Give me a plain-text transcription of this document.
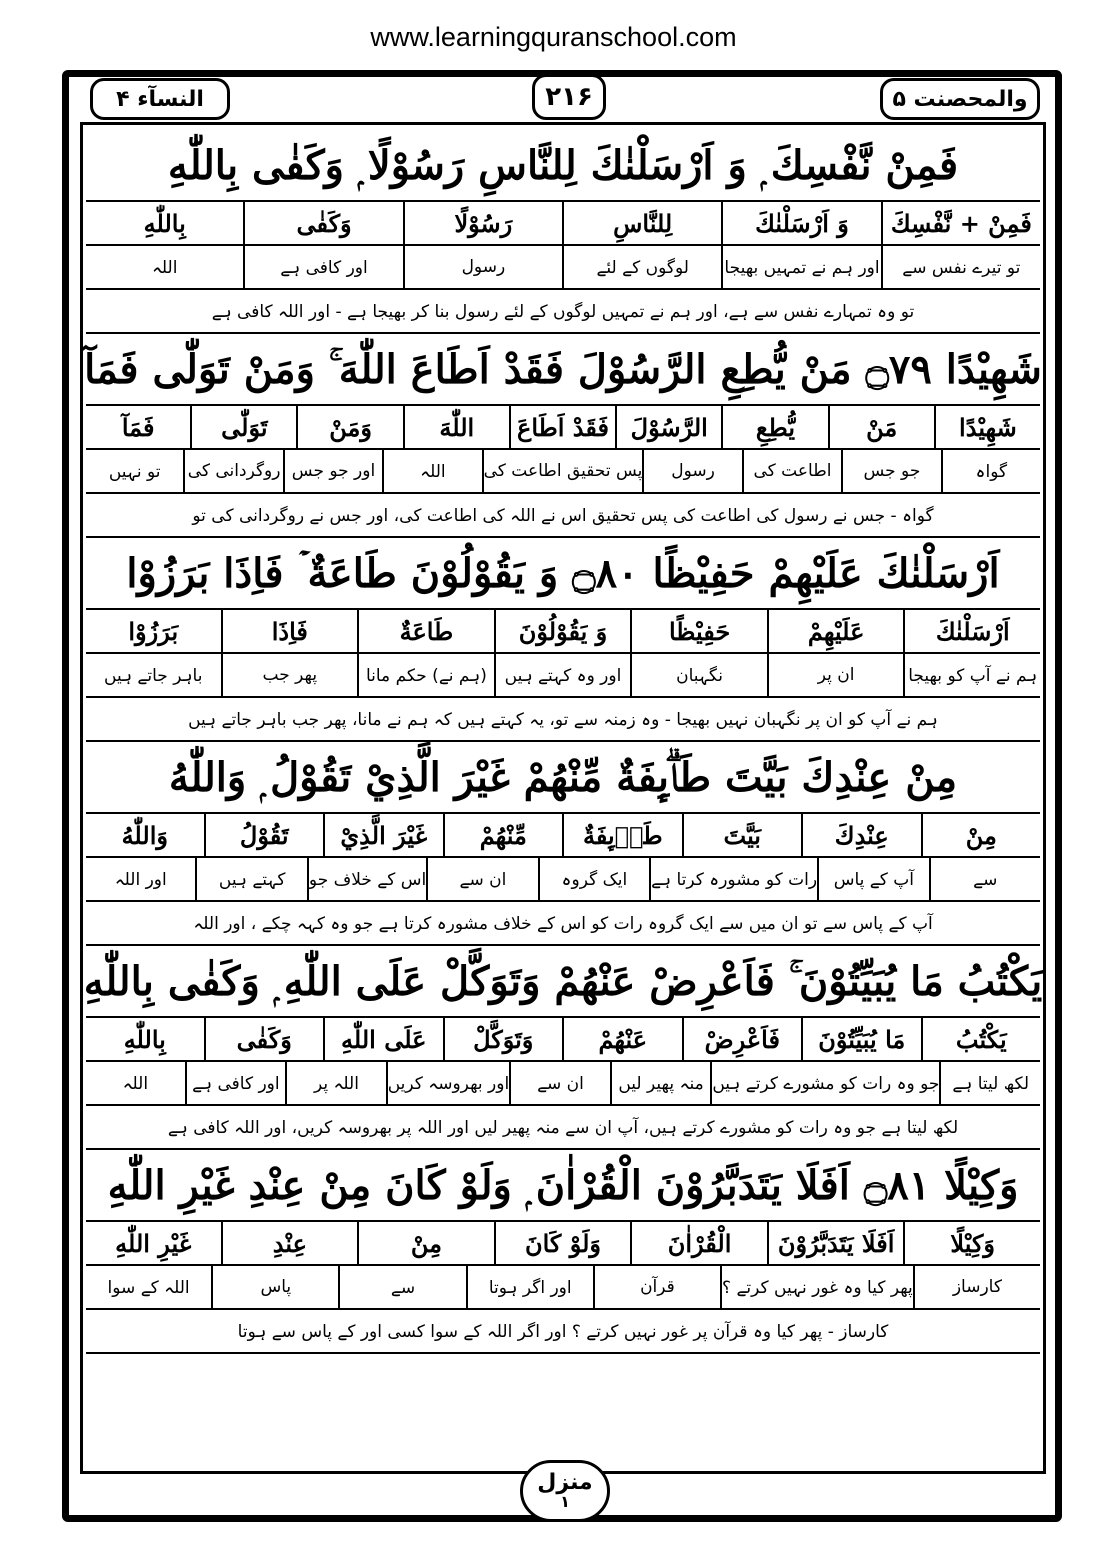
www.learningquranschool.com
النسآء ۴	۲۱۶	والمحصنت ۵
فَمِنْ نَّفْسِكَ ۭ وَ اَرْسَلْنٰكَ لِلنَّاسِ رَسُوْلًا ۭ وَكَفٰى بِاللّٰهِ
فَمِنْ + نَّفْسِكَ
وَ اَرْسَلْنٰكَ
لِلنَّاسِ
رَسُوْلًا
وَكَفٰى
بِاللّٰهِ
تو تیرے نفس سے
اور ہم نے تمہیں بھیجا
لوگوں کے لئے
رسول
اور کافی ہے
اللہ
تو وہ تمہارے نفس سے ہے، اور ہم نے تمہیں لوگوں کے لئے رسول بنا کر بھیجا ہے - اور اللہ کافی ہے
شَهِيْدًا ۝۷۹ مَنْ يُّطِعِ الرَّسُوْلَ فَقَدْ اَطَاعَ اللّٰهَ ۚ وَمَنْ تَوَلّٰى فَمَآ
شَهِيْدًا
مَنْ
يُّطِعِ
الرَّسُوْلَ
فَقَدْ اَطَاعَ
اللّٰهَ
وَمَنْ
تَوَلّٰى
فَمَآ
گواہ
جو جس
اطاعت کی
رسول
پس تحقیق اطاعت کی
اللہ
اور جو جس
روگردانی کی
تو نہیں
گواہ - جس نے رسول کی اطاعت کی پس تحقیق اس نے اللہ کی اطاعت کی، اور جس نے روگردانی کی تو
اَرْسَلْنٰكَ عَلَيْهِمْ حَفِيْظًا ۝۸۰ وَ يَقُوْلُوْنَ طَاعَةٌ ۡ فَاِذَا بَرَزُوْا
اَرْسَلْنٰكَ
عَلَيْهِمْ
حَفِيْظًا
وَ يَقُوْلُوْنَ
طَاعَةٌ
فَاِذَا
بَرَزُوْا
ہم نے آپ کو بھیجا
ان پر
نگہبان
اور وہ کہتے ہیں
(ہم نے) حکم مانا
پھر جب
باہر جاتے ہیں
ہم نے آپ کو ان پر نگہبان نہیں بھیجا - وہ زمنہ سے تو، یہ کہتے ہیں کہ ہم نے مانا، پھر جب باہر جاتے ہیں
مِنْ عِنْدِكَ بَيَّتَ طَاۗىِٕفَةٌ مِّنْهُمْ غَيْرَ الَّذِيْ تَقُوْلُ ۭ وَاللّٰهُ
مِنْ
عِنْدِكَ
بَيَّتَ
طَاۗىِٕفَةٌ
مِّنْهُمْ
غَيْرَ الَّذِيْ
تَقُوْلُ
وَاللّٰهُ
سے
آپ کے پاس
رات کو مشورہ کرتا ہے
ایک گروہ
ان سے
اس کے خلاف جو
کہتے ہیں
اور اللہ
آپ کے پاس سے تو ان میں سے ایک گروہ رات کو اس کے خلاف مشورہ کرتا ہے جو وہ کہہ چکے ، اور اللہ
يَكْتُبُ مَا يُبَيِّتُوْنَ ۚ فَاَعْرِضْ عَنْهُمْ وَتَوَكَّلْ عَلَى اللّٰهِ ۭ وَكَفٰى بِاللّٰهِ
يَكْتُبُ
مَا يُبَيِّتُوْنَ
فَاَعْرِضْ
عَنْهُمْ
وَتَوَكَّلْ
عَلَى اللّٰهِ
وَكَفٰى
بِاللّٰهِ
لکھ لیتا ہے
جو وہ رات کو مشورے کرتے ہیں
منہ پھیر لیں
ان سے
اور بھروسہ کریں
اللہ پر
اور کافی ہے
اللہ
لکھ لیتا ہے جو وہ رات کو مشورے کرتے ہیں، آپ ان سے منہ پھیر لیں اور اللہ پر بھروسہ کریں، اور اللہ کافی ہے
وَكِيْلًا ۝۸۱ اَفَلَا يَتَدَبَّرُوْنَ الْقُرْاٰنَ ۭ وَلَوْ كَانَ مِنْ عِنْدِ غَيْرِ اللّٰهِ
وَكِيْلًا
اَفَلَا يَتَدَبَّرُوْنَ
الْقُرْاٰنَ
وَلَوْ كَانَ
مِنْ
عِنْدِ
غَيْرِ اللّٰهِ
کارساز
پھر کیا وہ غور نہیں کرتے ؟
قرآن
اور اگر ہوتا
سے
پاس
اللہ کے سوا
کارساز - پھر کیا وہ قرآن پر غور نہیں کرتے ؟ اور اگر اللہ کے سوا کسی اور کے پاس سے ہوتا
منزل
۱
